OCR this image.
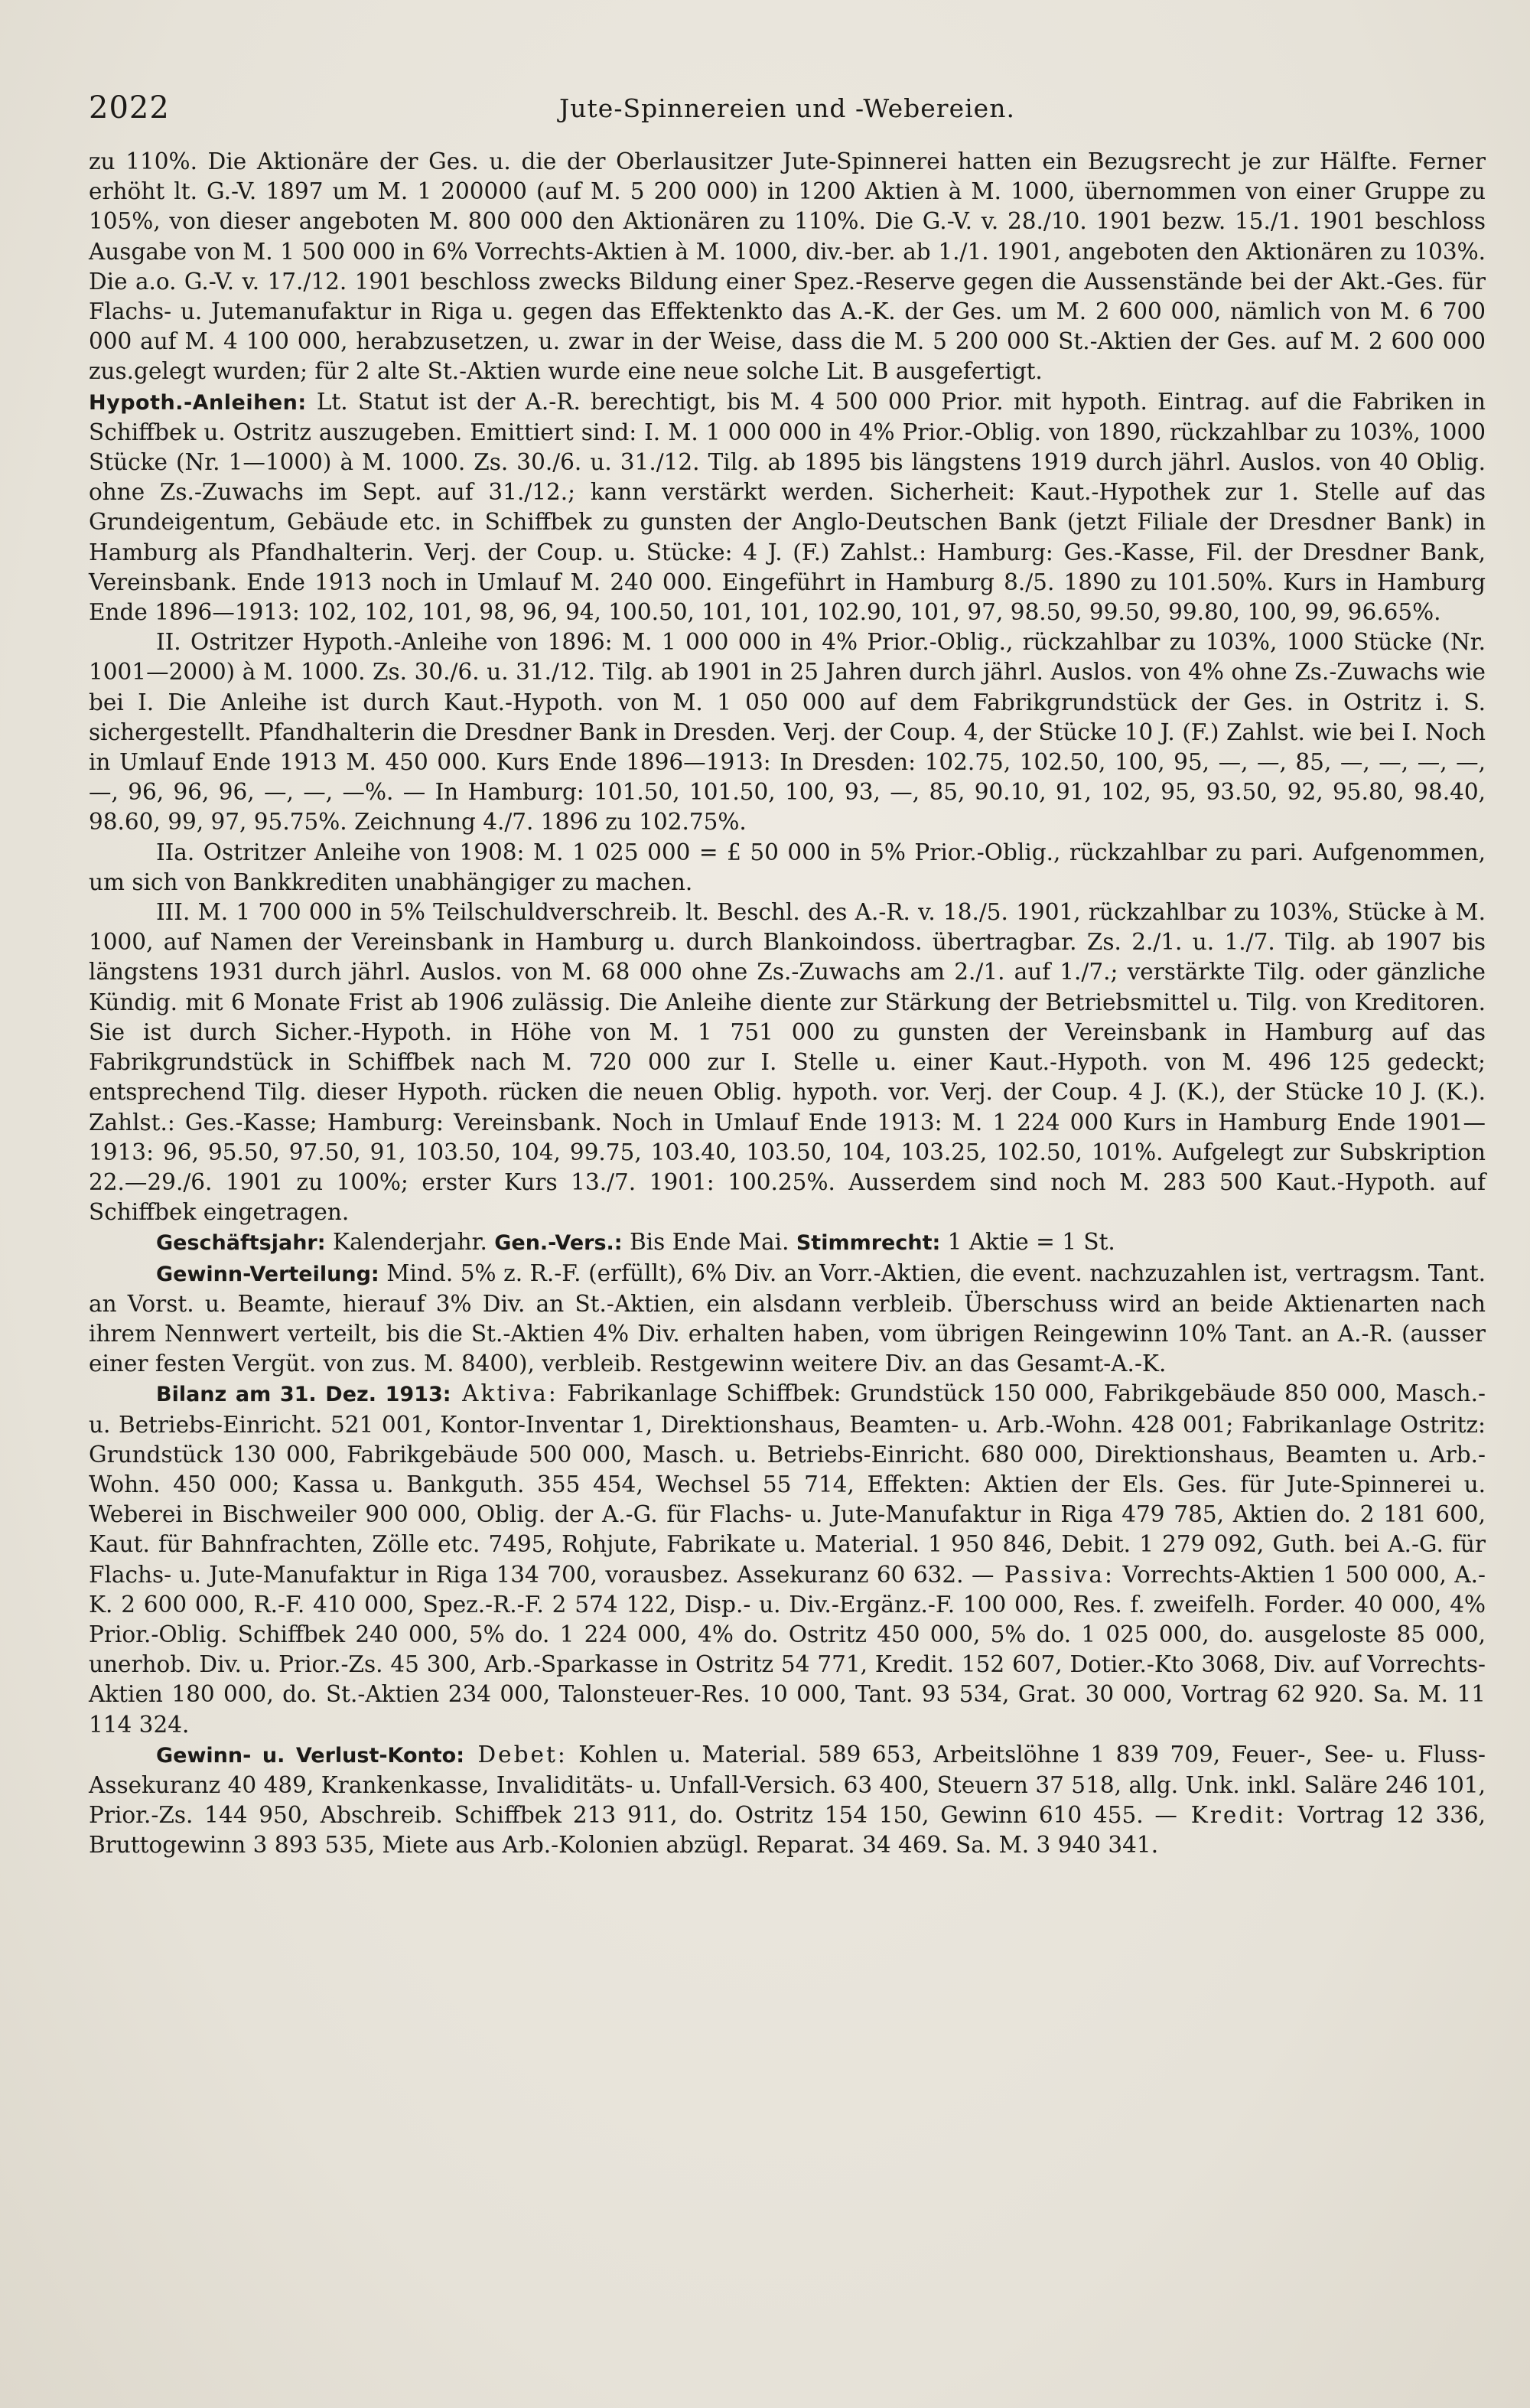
2022	Jute-Spinnereien und -Webereien.

zu 110%. Die Aktionäre der Ges. u. die der Oberlausitzer Jute-Spinnerei hatten ein Bezugsrecht je zur Hälfte. Ferner erhöht lt. G.-V. 1897 um M. 1 200000 (auf M. 5 200 000) in 1200 Aktien à M. 1000, übernommen von einer Gruppe zu 105%, von dieser angeboten M. 800 000 den Aktionären zu 110%. Die G.-V. v. 28./10. 1901 bezw. 15./1. 1901 beschloss Ausgabe von M. 1 500 000 in 6% Vorrechts-Aktien à M. 1000, div.-ber. ab 1./1. 1901, angeboten den Aktionären zu 103%. Die a.o. G.-V. v. 17./12. 1901 beschloss zwecks Bildung einer Spez.-Reserve gegen die Aussenstände bei der Akt.-Ges. für Flachs- u. Jutemanufaktur in Riga u. gegen das Effektenkto das A.-K. der Ges. um M. 2 600 000, nämlich von M. 6 700 000 auf M. 4 100 000, herabzusetzen, u. zwar in der Weise, dass die M. 5 200 000 St.-Aktien der Ges. auf M. 2 600 000 zus.gelegt wurden; für 2 alte St.-Aktien wurde eine neue solche Lit. B ausgefertigt.

Hypoth.-Anleihen: Lt. Statut ist der A.-R. berechtigt, bis M. 4 500 000 Prior. mit hypoth. Eintrag. auf die Fabriken in Schiffbek u. Ostritz auszugeben. Emittiert sind: I. M. 1 000 000 in 4% Prior.-Oblig. von 1890, rückzahlbar zu 103%, 1000 Stücke (Nr. 1—1000) à M. 1000. Zs. 30./6. u. 31./12. Tilg. ab 1895 bis längstens 1919 durch jährl. Auslos. von 40 Oblig. ohne Zs.-Zuwachs im Sept. auf 31./12.; kann verstärkt werden. Sicherheit: Kaut.-Hypothek zur 1. Stelle auf das Grundeigentum, Gebäude etc. in Schiffbek zu gunsten der Anglo-Deutschen Bank (jetzt Filiale der Dresdner Bank) in Hamburg als Pfandhalterin. Verj. der Coup. u. Stücke: 4 J. (F.) Zahlst.: Hamburg: Ges.-Kasse, Fil. der Dresdner Bank, Vereinsbank. Ende 1913 noch in Umlauf M. 240 000. Eingeführt in Hamburg 8./5. 1890 zu 101.50%. Kurs in Hamburg Ende 1896—1913: 102, 102, 101, 98, 96, 94, 100.50, 101, 101, 102.90, 101, 97, 98.50, 99.50, 99.80, 100, 99, 96.65%.

II. Ostritzer Hypoth.-Anleihe von 1896: M. 1 000 000 in 4% Prior.-Oblig., rückzahlbar zu 103%, 1000 Stücke (Nr. 1001—2000) à M. 1000. Zs. 30./6. u. 31./12. Tilg. ab 1901 in 25 Jahren durch jährl. Auslos. von 4% ohne Zs.-Zuwachs wie bei I. Die Anleihe ist durch Kaut.-Hypoth. von M. 1 050 000 auf dem Fabrikgrundstück der Ges. in Ostritz i. S. sichergestellt. Pfandhalterin die Dresdner Bank in Dresden. Verj. der Coup. 4, der Stücke 10 J. (F.) Zahlst. wie bei I. Noch in Umlauf Ende 1913 M. 450 000. Kurs Ende 1896—1913: In Dresden: 102.75, 102.50, 100, 95, —, —, 85, —, —, —, —, —, 96, 96, 96, —, —, —%. — In Hamburg: 101.50, 101.50, 100, 93, —, 85, 90.10, 91, 102, 95, 93.50, 92, 95.80, 98.40, 98.60, 99, 97, 95.75%. Zeichnung 4./7. 1896 zu 102.75%.

IIa. Ostritzer Anleihe von 1908: M. 1 025 000 = £ 50 000 in 5% Prior.-Oblig., rückzahlbar zu pari. Aufgenommen, um sich von Bankkrediten unabhängiger zu machen.

III. M. 1 700 000 in 5% Teilschuldverschreib. lt. Beschl. des A.-R. v. 18./5. 1901, rückzahlbar zu 103%, Stücke à M. 1000, auf Namen der Vereinsbank in Hamburg u. durch Blankoindoss. übertragbar. Zs. 2./1. u. 1./7. Tilg. ab 1907 bis längstens 1931 durch jährl. Auslos. von M. 68 000 ohne Zs.-Zuwachs am 2./1. auf 1./7.; verstärkte Tilg. oder gänzliche Kündig. mit 6 Monate Frist ab 1906 zulässig. Die Anleihe diente zur Stärkung der Betriebsmittel u. Tilg. von Kreditoren. Sie ist durch Sicher.-Hypoth. in Höhe von M. 1 751 000 zu gunsten der Vereinsbank in Hamburg auf das Fabrikgrundstück in Schiffbek nach M. 720 000 zur I. Stelle u. einer Kaut.-Hypoth. von M. 496 125 gedeckt; entsprechend Tilg. dieser Hypoth. rücken die neuen Oblig. hypoth. vor. Verj. der Coup. 4 J. (K.), der Stücke 10 J. (K.). Zahlst.: Ges.-Kasse; Hamburg: Vereinsbank. Noch in Umlauf Ende 1913: M. 1 224 000 Kurs in Hamburg Ende 1901—1913: 96, 95.50, 97.50, 91, 103.50, 104, 99.75, 103.40, 103.50, 104, 103.25, 102.50, 101%. Aufgelegt zur Subskription 22.—29./6. 1901 zu 100%; erster Kurs 13./7. 1901: 100.25%. Ausserdem sind noch M. 283 500 Kaut.-Hypoth. auf Schiffbek eingetragen.

Geschäftsjahr: Kalenderjahr. Gen.-Vers.: Bis Ende Mai. Stimmrecht: 1 Aktie = 1 St.

Gewinn-Verteilung: Mind. 5% z. R.-F. (erfüllt), 6% Div. an Vorr.-Aktien, die event. nachzuzahlen ist, vertragsm. Tant. an Vorst. u. Beamte, hierauf 3% Div. an St.-Aktien, ein alsdann verbleib. Überschuss wird an beide Aktienarten nach ihrem Nennwert verteilt, bis die St.-Aktien 4% Div. erhalten haben, vom übrigen Reingewinn 10% Tant. an A.-R. (ausser einer festen Vergüt. von zus. M. 8400), verbleib. Restgewinn weitere Div. an das Gesamt-A.-K.

Bilanz am 31. Dez. 1913: Aktiva: Fabrikanlage Schiffbek: Grundstück 150 000, Fabrikgebäude 850 000, Masch.- u. Betriebs-Einricht. 521 001, Kontor-Inventar 1, Direktionshaus, Beamten- u. Arb.-Wohn. 428 001; Fabrikanlage Ostritz: Grundstück 130 000, Fabrikgebäude 500 000, Masch. u. Betriebs-Einricht. 680 000, Direktionshaus, Beamten u. Arb.-Wohn. 450 000; Kassa u. Bankguth. 355 454, Wechsel 55 714, Effekten: Aktien der Els. Ges. für Jute-Spinnerei u. Weberei in Bischweiler 900 000, Oblig. der A.-G. für Flachs- u. Jute-Manufaktur in Riga 479 785, Aktien do. 2 181 600, Kaut. für Bahnfrachten, Zölle etc. 7495, Rohjute, Fabrikate u. Material. 1 950 846, Debit. 1 279 092, Guth. bei A.-G. für Flachs- u. Jute-Manufaktur in Riga 134 700, vorausbez. Assekuranz 60 632. — Passiva: Vorrechts-Aktien 1 500 000, A.-K. 2 600 000, R.-F. 410 000, Spez.-R.-F. 2 574 122, Disp.- u. Div.-Ergänz.-F. 100 000, Res. f. zweifelh. Forder. 40 000, 4% Prior.-Oblig. Schiffbek 240 000, 5% do. 1 224 000, 4% do. Ostritz 450 000, 5% do. 1 025 000, do. ausgeloste 85 000, unerhob. Div. u. Prior.-Zs. 45 300, Arb.-Sparkasse in Ostritz 54 771, Kredit. 152 607, Dotier.-Kto 3068, Div. auf Vorrechts-Aktien 180 000, do. St.-Aktien 234 000, Talonsteuer-Res. 10 000, Tant. 93 534, Grat. 30 000, Vortrag 62 920. Sa. M. 11 114 324.

Gewinn- u. Verlust-Konto: Debet: Kohlen u. Material. 589 653, Arbeitslöhne 1 839 709, Feuer-, See- u. Fluss-Assekuranz 40 489, Krankenkasse, Invaliditäts- u. Unfall-Versich. 63 400, Steuern 37 518, allg. Unk. inkl. Saläre 246 101, Prior.-Zs. 144 950, Abschreib. Schiffbek 213 911, do. Ostritz 154 150, Gewinn 610 455. — Kredit: Vortrag 12 336, Bruttogewinn 3 893 535, Miete aus Arb.-Kolonien abzügl. Reparat. 34 469. Sa. M. 3 940 341.
